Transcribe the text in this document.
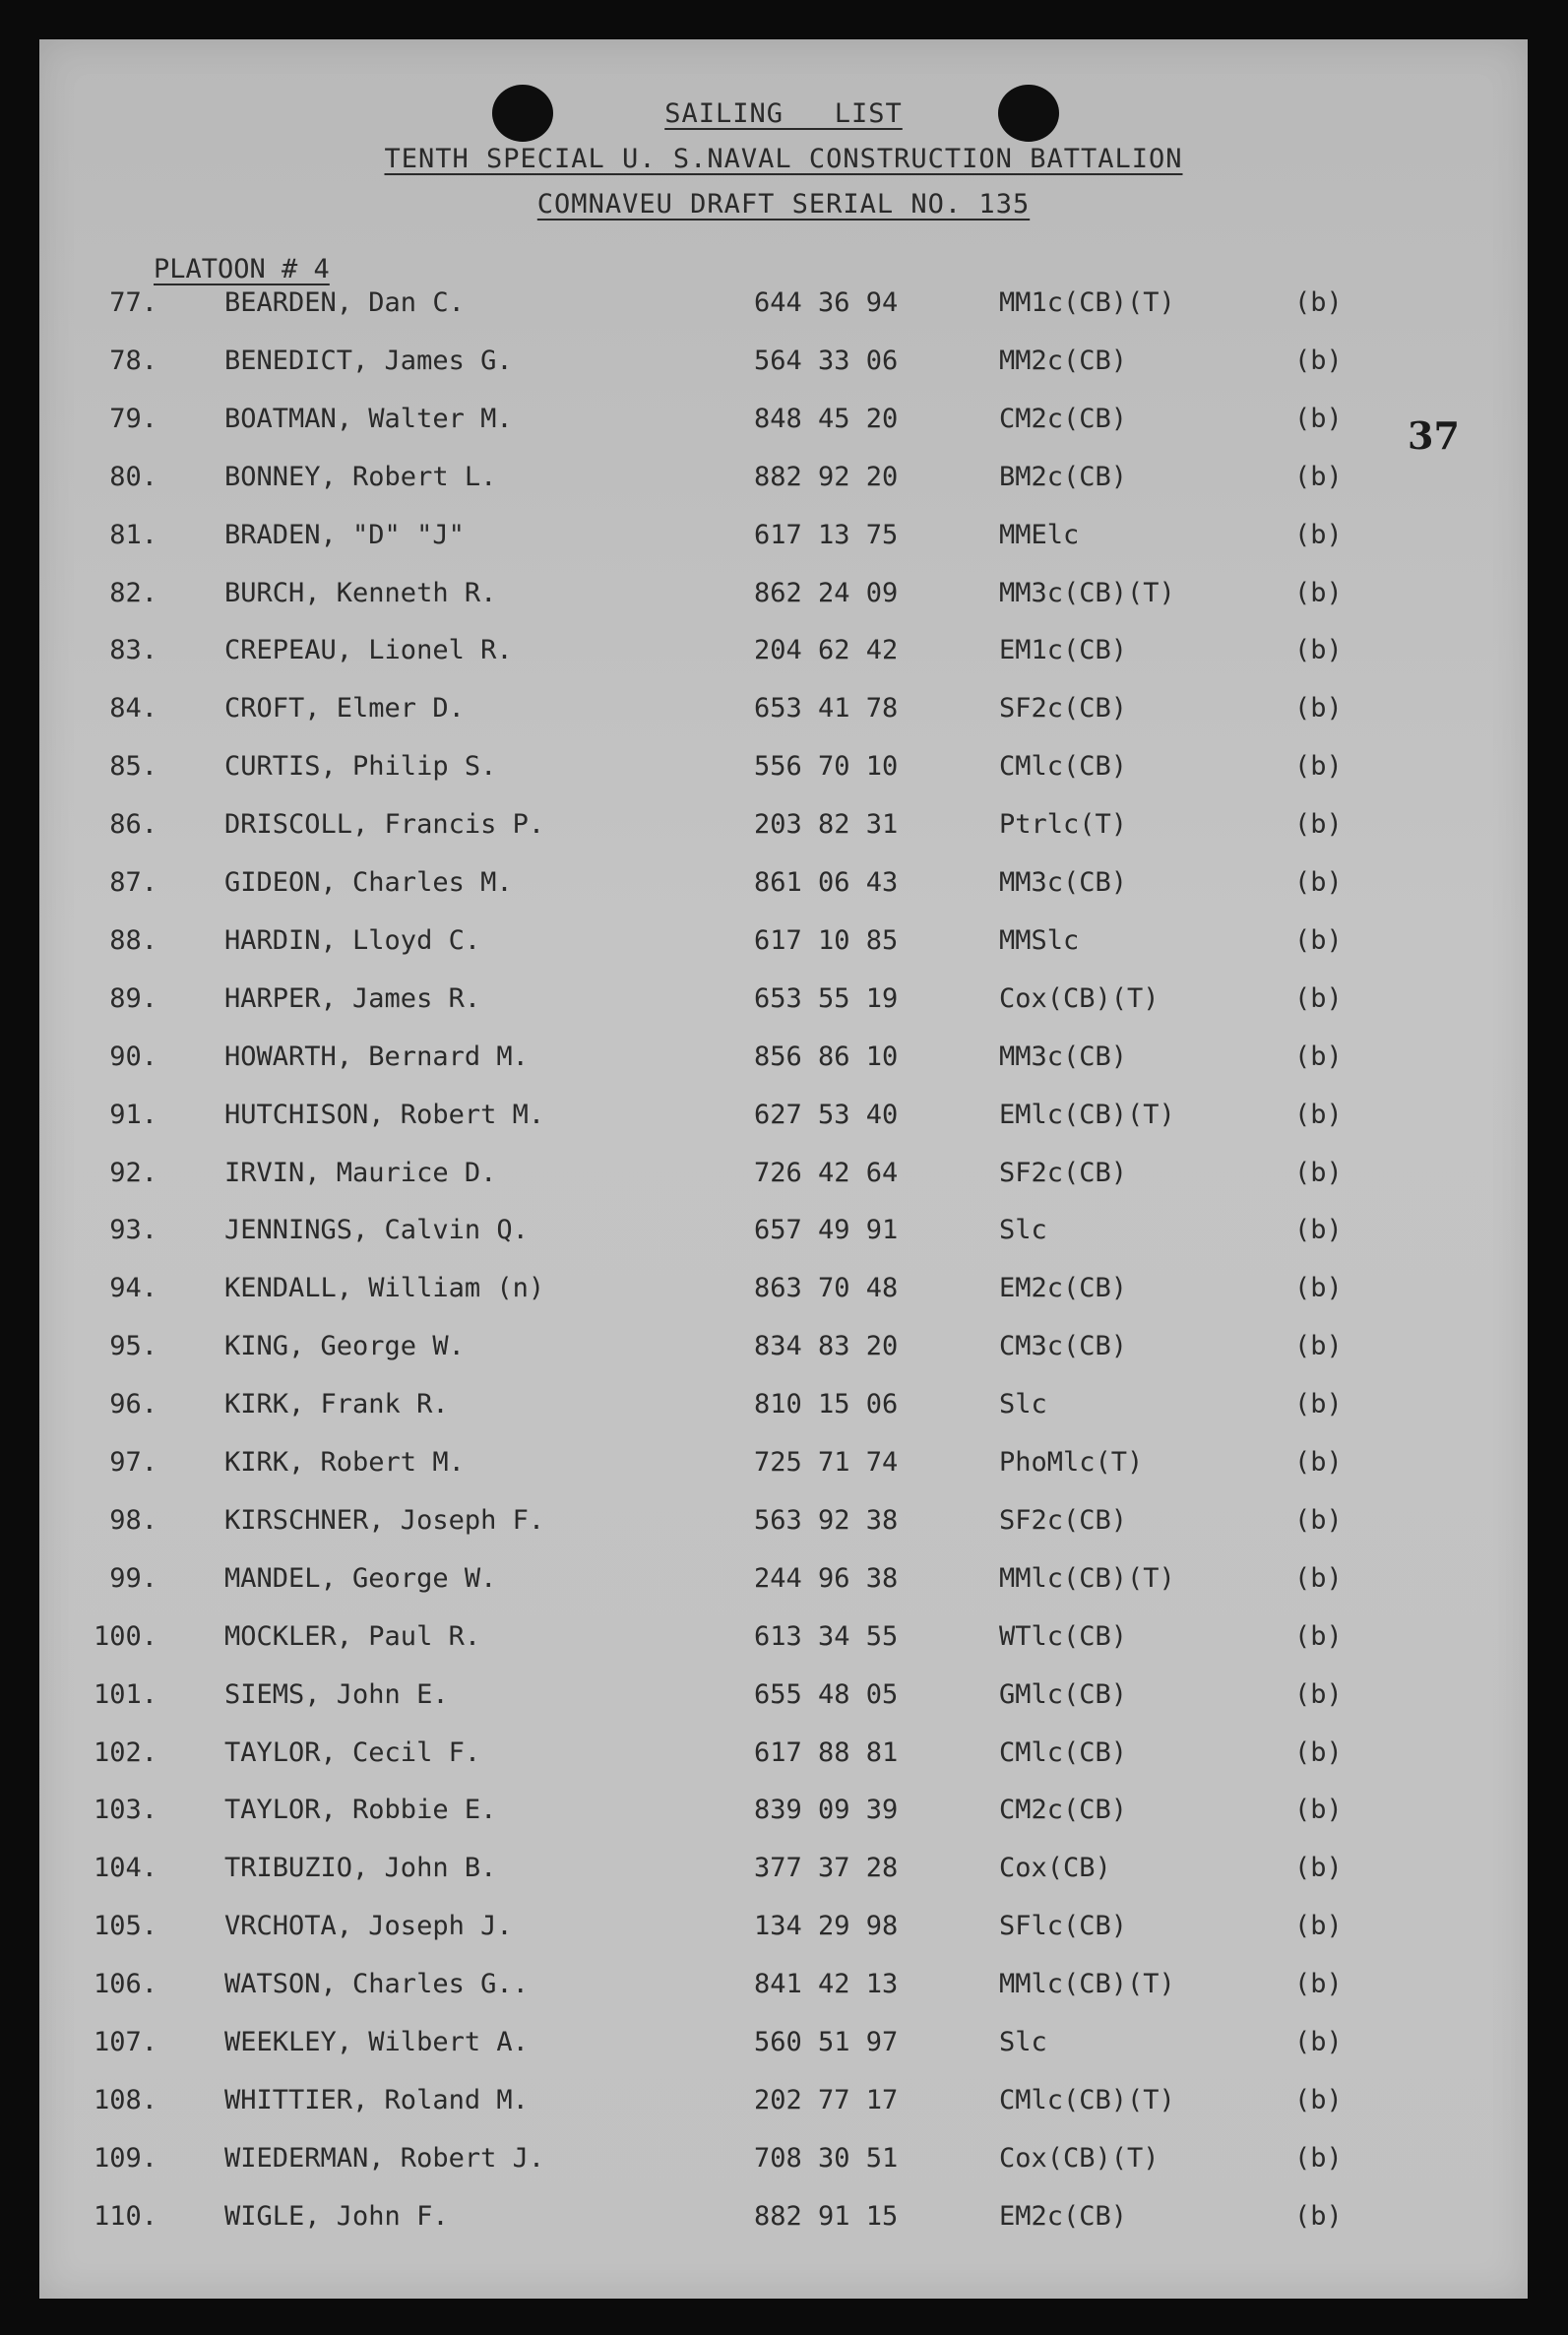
SAILING   LIST
TENTH SPECIAL U. S.NAVAL CONSTRUCTION BATTALION
COMNAVEU DRAFT SERIAL NO. 135
PLATOON # 4
37
77.	BEARDEN, Dan C.	644 36 94	MM1c(CB)(T)	(b)
78.	BENEDICT, James G.	564 33 06	MM2c(CB)	(b)
79.	BOATMAN, Walter M.	848 45 20	CM2c(CB)	(b)
80.	BONNEY, Robert L.	882 92 20	BM2c(CB)	(b)
81.	BRADEN, "D" "J"	617 13 75	MMElc	(b)
82.	BURCH, Kenneth R.	862 24 09	MM3c(CB)(T)	(b)
83.	CREPEAU, Lionel R.	204 62 42	EM1c(CB)	(b)
84.	CROFT, Elmer D.	653 41 78	SF2c(CB)	(b)
85.	CURTIS, Philip S.	556 70 10	CMlc(CB)	(b)
86.	DRISCOLL, Francis P.	203 82 31	Ptrlc(T)	(b)
87.	GIDEON, Charles M.	861 06 43	MM3c(CB)	(b)
88.	HARDIN, Lloyd C.	617 10 85	MMSlc	(b)
89.	HARPER, James R.	653 55 19	Cox(CB)(T)	(b)
90.	HOWARTH, Bernard M.	856 86 10	MM3c(CB)	(b)
91.	HUTCHISON, Robert M.	627 53 40	EMlc(CB)(T)	(b)
92.	IRVIN, Maurice D.	726 42 64	SF2c(CB)	(b)
93.	JENNINGS, Calvin Q.	657 49 91	Slc	(b)
94.	KENDALL, William (n)	863 70 48	EM2c(CB)	(b)
95.	KING, George W.	834 83 20	CM3c(CB)	(b)
96.	KIRK, Frank R.	810 15 06	Slc	(b)
97.	KIRK, Robert M.	725 71 74	PhoMlc(T)	(b)
98.	KIRSCHNER, Joseph F.	563 92 38	SF2c(CB)	(b)
99.	MANDEL, George W.	244 96 38	MMlc(CB)(T)	(b)
100.	MOCKLER, Paul R.	613 34 55	WTlc(CB)	(b)
101.	SIEMS, John E.	655 48 05	GMlc(CB)	(b)
102.	TAYLOR, Cecil F.	617 88 81	CMlc(CB)	(b)
103.	TAYLOR, Robbie E.	839 09 39	CM2c(CB)	(b)
104.	TRIBUZIO, John B.	377 37 28	Cox(CB)	(b)
105.	VRCHOTA, Joseph J.	134 29 98	SFlc(CB)	(b)
106.	WATSON, Charles G..	841 42 13	MMlc(CB)(T)	(b)
107.	WEEKLEY, Wilbert A.	560 51 97	Slc	(b)
108.	WHITTIER, Roland M.	202 77 17	CMlc(CB)(T)	(b)
109.	WIEDERMAN, Robert J.	708 30 51	Cox(CB)(T)	(b)
110.	WIGLE, John F.	882 91 15	EM2c(CB)	(b)
